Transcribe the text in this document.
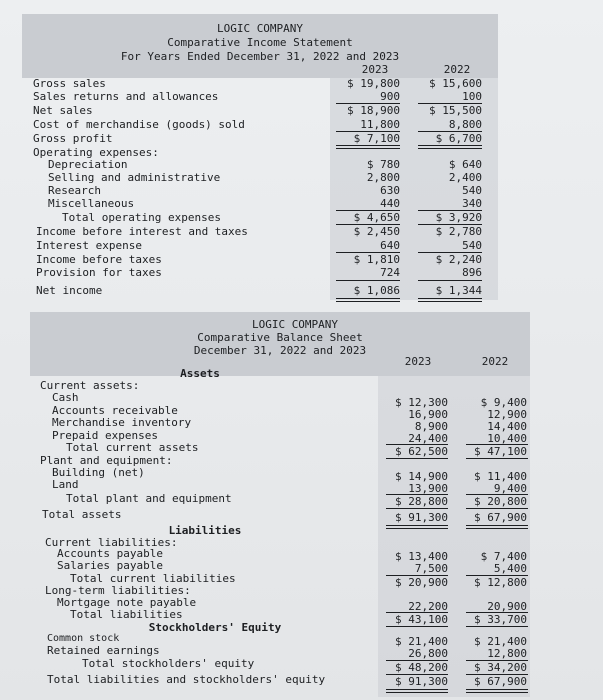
LOGIC COMPANY
Comparative Income Statement
For Years Ended December 31, 2022 and 2023
2023	2022
Gross sales	$ 19,800	$ 15,600
Sales returns and allowances	900	100
Net sales	$ 18,900	$ 15,500
Cost of merchandise (goods) sold	11,800	8,800
Gross profit	$ 7,100	$ 6,700
Operating expenses:
Depreciation	$ 780	$ 640
Selling and administrative	2,800	2,400
Research	630	540
Miscellaneous	440	340
Total operating expenses	$ 4,650	$ 3,920
Income before interest and taxes	$ 2,450	$ 2,780
Interest expense	640	540
Income before taxes	$ 1,810	$ 2,240
Provision for taxes	724	896
Net income	$ 1,086	$ 1,344
LOGIC COMPANY
Comparative Balance Sheet
December 31, 2022 and 2023
2023	2022
Assets
Current assets:
Cash	$ 12,300	$ 9,400
Accounts receivable	16,900	12,900
Merchandise inventory	8,900	14,400
Prepaid expenses	24,400	10,400
Total current assets	$ 62,500	$ 47,100
Plant and equipment:
Building (net)	$ 14,900	$ 11,400
Land	13,900	9,400
Total plant and equipment	$ 28,800	$ 20,800
Total assets	$ 91,300	$ 67,900
Liabilities
Current liabilities:
Accounts payable	$ 13,400	$ 7,400
Salaries payable	7,500	5,400
Total current liabilities	$ 20,900	$ 12,800
Long-term liabilities:
Mortgage note payable	22,200	20,900
Total liabilities	$ 43,100	$ 33,700
Stockholders' Equity
Common stock	$ 21,400	$ 21,400
Retained earnings	26,800	12,800
Total stockholders' equity	$ 48,200	$ 34,200
Total liabilities and stockholders' equity	$ 91,300	$ 67,900
